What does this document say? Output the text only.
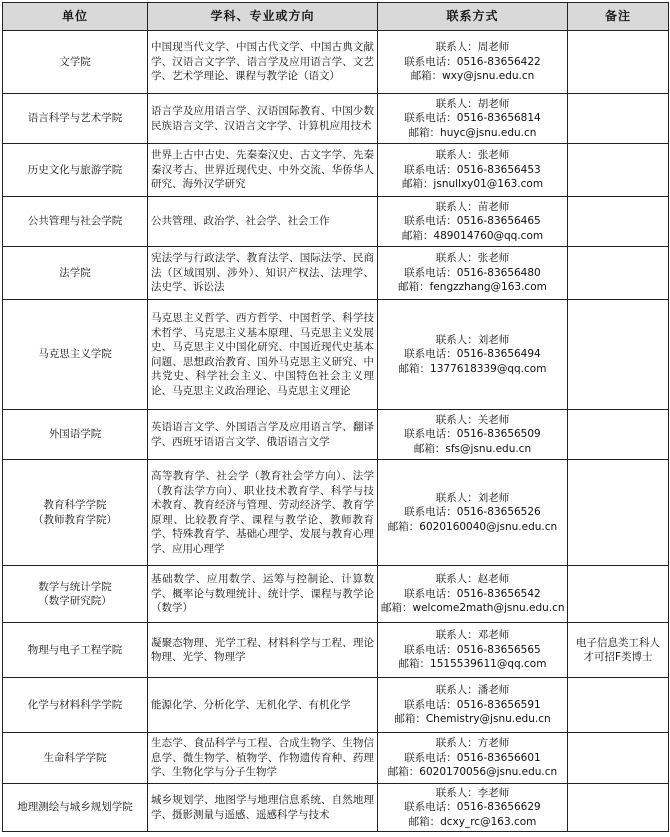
单位	学科、专业或方向	联系方式	备注

文学院	中国现当代文学、中国古代文学、中国古典文献学、汉语言文字学、语言学及应用语言学、文艺学、艺术学理论、课程与教学论（语文）	联系人：周老师
联系电话：0516-83656422
邮箱：wxy@jsnu.edu.cn	

语言科学与艺术学院	语言学及应用语言学、汉语国际教育、中国少数民族语言文学、汉语言文字学、计算机应用技术	联系人：胡老师
联系电话：0516-83656814
邮箱：huyc@jsnu.edu.cn	

历史文化与旅游学院	世界上古中古史、先秦秦汉史、古文字学、先秦秦汉考古、世界近现代史、中外交流、华侨华人研究、海外汉学研究	联系人：张老师
联系电话：0516-83656453
邮箱：jsnullxy01@163.com	

公共管理与社会学院	公共管理、政治学、社会学、社会工作	联系人：苗老师
联系电话：0516-83656465
邮箱：489014760@qq.com	

法学院	宪法学与行政法学、教育法学、国际法学、民商法（区域国别、涉外）、知识产权法、法理学、法史学、诉讼法	联系人：张老师
联系电话：0516-83656480
邮箱：fengzzhang@163.com	

马克思主义学院	马克思主义哲学、西方哲学、中国哲学、科学技术哲学、马克思主义基本原理、马克思主义发展史、马克思主义中国化研究、中国近现代史基本问题、思想政治教育、国外马克思主义研究、中共党史、科学社会主义、中国特色社会主义理论、马克思主义政治理论、马克思主义理论	联系人：刘老师
联系电话：0516-83656494
邮箱：1377618339@qq.com	

外国语学院	英语语言文学、外国语言学及应用语言学、翻译学、西班牙语语言文学、俄语语言文学	联系人：关老师
联系电话：0516-83656509
邮箱：sfs@jsnu.edu.cn	

教育科学学院
（教师教育学院）	高等教育学、社会学（教育社会学方向）、法学（教育法学方向）、职业技术教育学、科学与技术教育、教育经济与管理、劳动经济学、教育学原理、比较教育学、课程与教学论、教师教育学、特殊教育学、基础心理学、发展与教育心理学、应用心理学	联系人：刘老师
联系电话：0516-83656526
邮箱：6020160040@jsnu.edu.cn	

数学与统计学院
（数学研究院）	基础数学、应用数学、运筹与控制论、计算数学、概率论与数理统计、统计学、课程与教学论（数学）	联系人：赵老师
联系电话：0516-83656542
邮箱：welcome2math@jsnu.edu.cn	

物理与电子工程学院	凝聚态物理、光学工程、材料科学与工程、理论物理、光学、物理学	联系人：邓老师
联系电话：0516-83656565
邮箱：1515539611@qq.com	电子信息类工科人才可招F类博士

化学与材料科学学院	能源化学、分析化学、无机化学、有机化学	联系人：潘老师
联系电话：0516-83656591
邮箱：Chemistry@jsnu.edu.cn	

生命科学学院	生态学、食品科学与工程、合成生物学、生物信息学、微生物学、植物学、作物遗传育种、药理学、生物化学与分子生物学	联系人：方老师
联系电话：0516-83656601
邮箱：6020170056@jsnu.edu.cn	

地理测绘与城乡规划学院	城乡规划学、地图学与地理信息系统、自然地理学、摄影测量与遥感、遥感科学与技术	联系人：李老师
联系电话：0516-83656629
邮箱：dcxy_rc@163.com	
